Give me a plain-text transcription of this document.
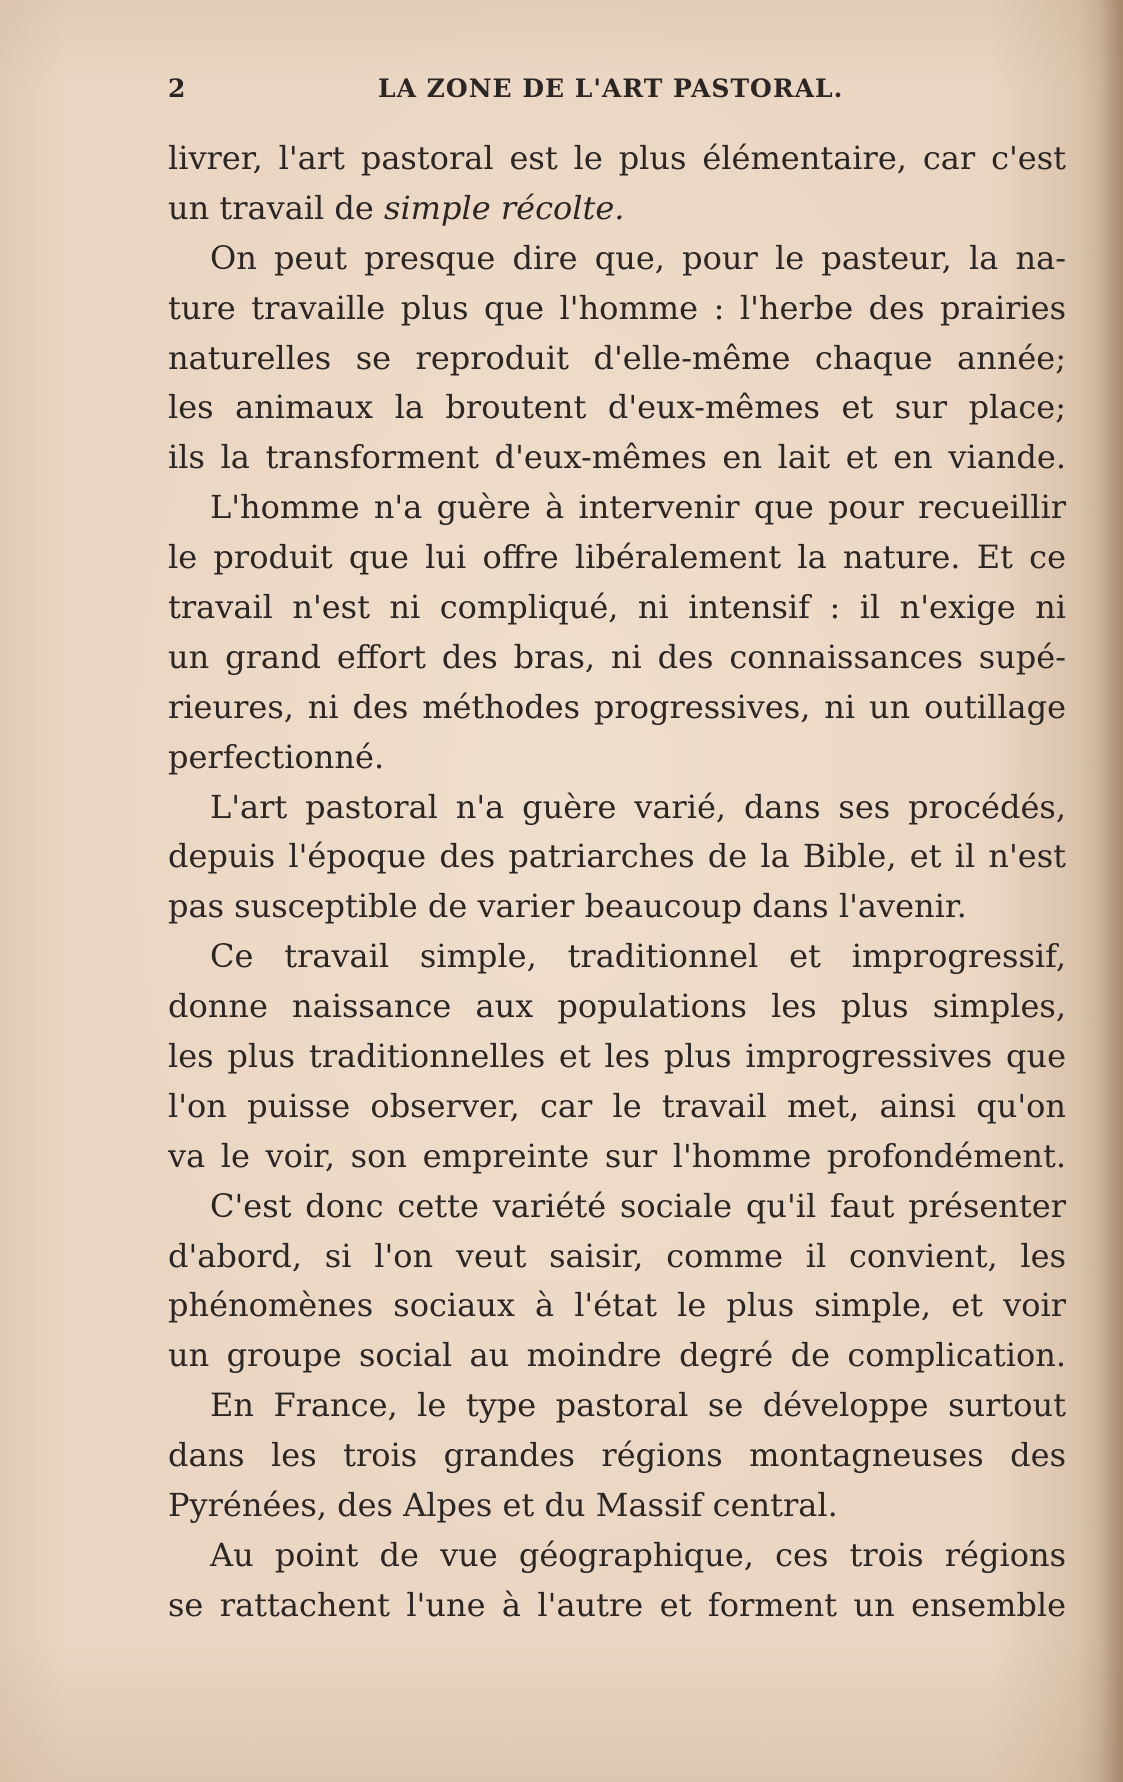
2	LA ZONE DE L'ART PASTORAL.
livrer, l'art pastoral est le plus élémentaire, car c'est
un travail de simple récolte.
On peut presque dire que, pour le pasteur, la na-
ture travaille plus que l'homme : l'herbe des prairies
naturelles se reproduit d'elle-même chaque année;
les animaux la broutent d'eux-mêmes et sur place;
ils la transforment d'eux-mêmes en lait et en viande.
L'homme n'a guère à intervenir que pour recueillir
le produit que lui offre libéralement la nature. Et ce
travail n'est ni compliqué, ni intensif : il n'exige ni
un grand effort des bras, ni des connaissances supé-
rieures, ni des méthodes progressives, ni un outillage
perfectionné.
L'art pastoral n'a guère varié, dans ses procédés,
depuis l'époque des patriarches de la Bible, et il n'est
pas susceptible de varier beaucoup dans l'avenir.
Ce travail simple, traditionnel et improgressif,
donne naissance aux populations les plus simples,
les plus traditionnelles et les plus improgressives que
l'on puisse observer, car le travail met, ainsi qu'on
va le voir, son empreinte sur l'homme profondément.
C'est donc cette variété sociale qu'il faut présenter
d'abord, si l'on veut saisir, comme il convient, les
phénomènes sociaux à l'état le plus simple, et voir
un groupe social au moindre degré de complication.
En France, le type pastoral se développe surtout
dans les trois grandes régions montagneuses des
Pyrénées, des Alpes et du Massif central.
Au point de vue géographique, ces trois régions
se rattachent l'une à l'autre et forment un ensemble
